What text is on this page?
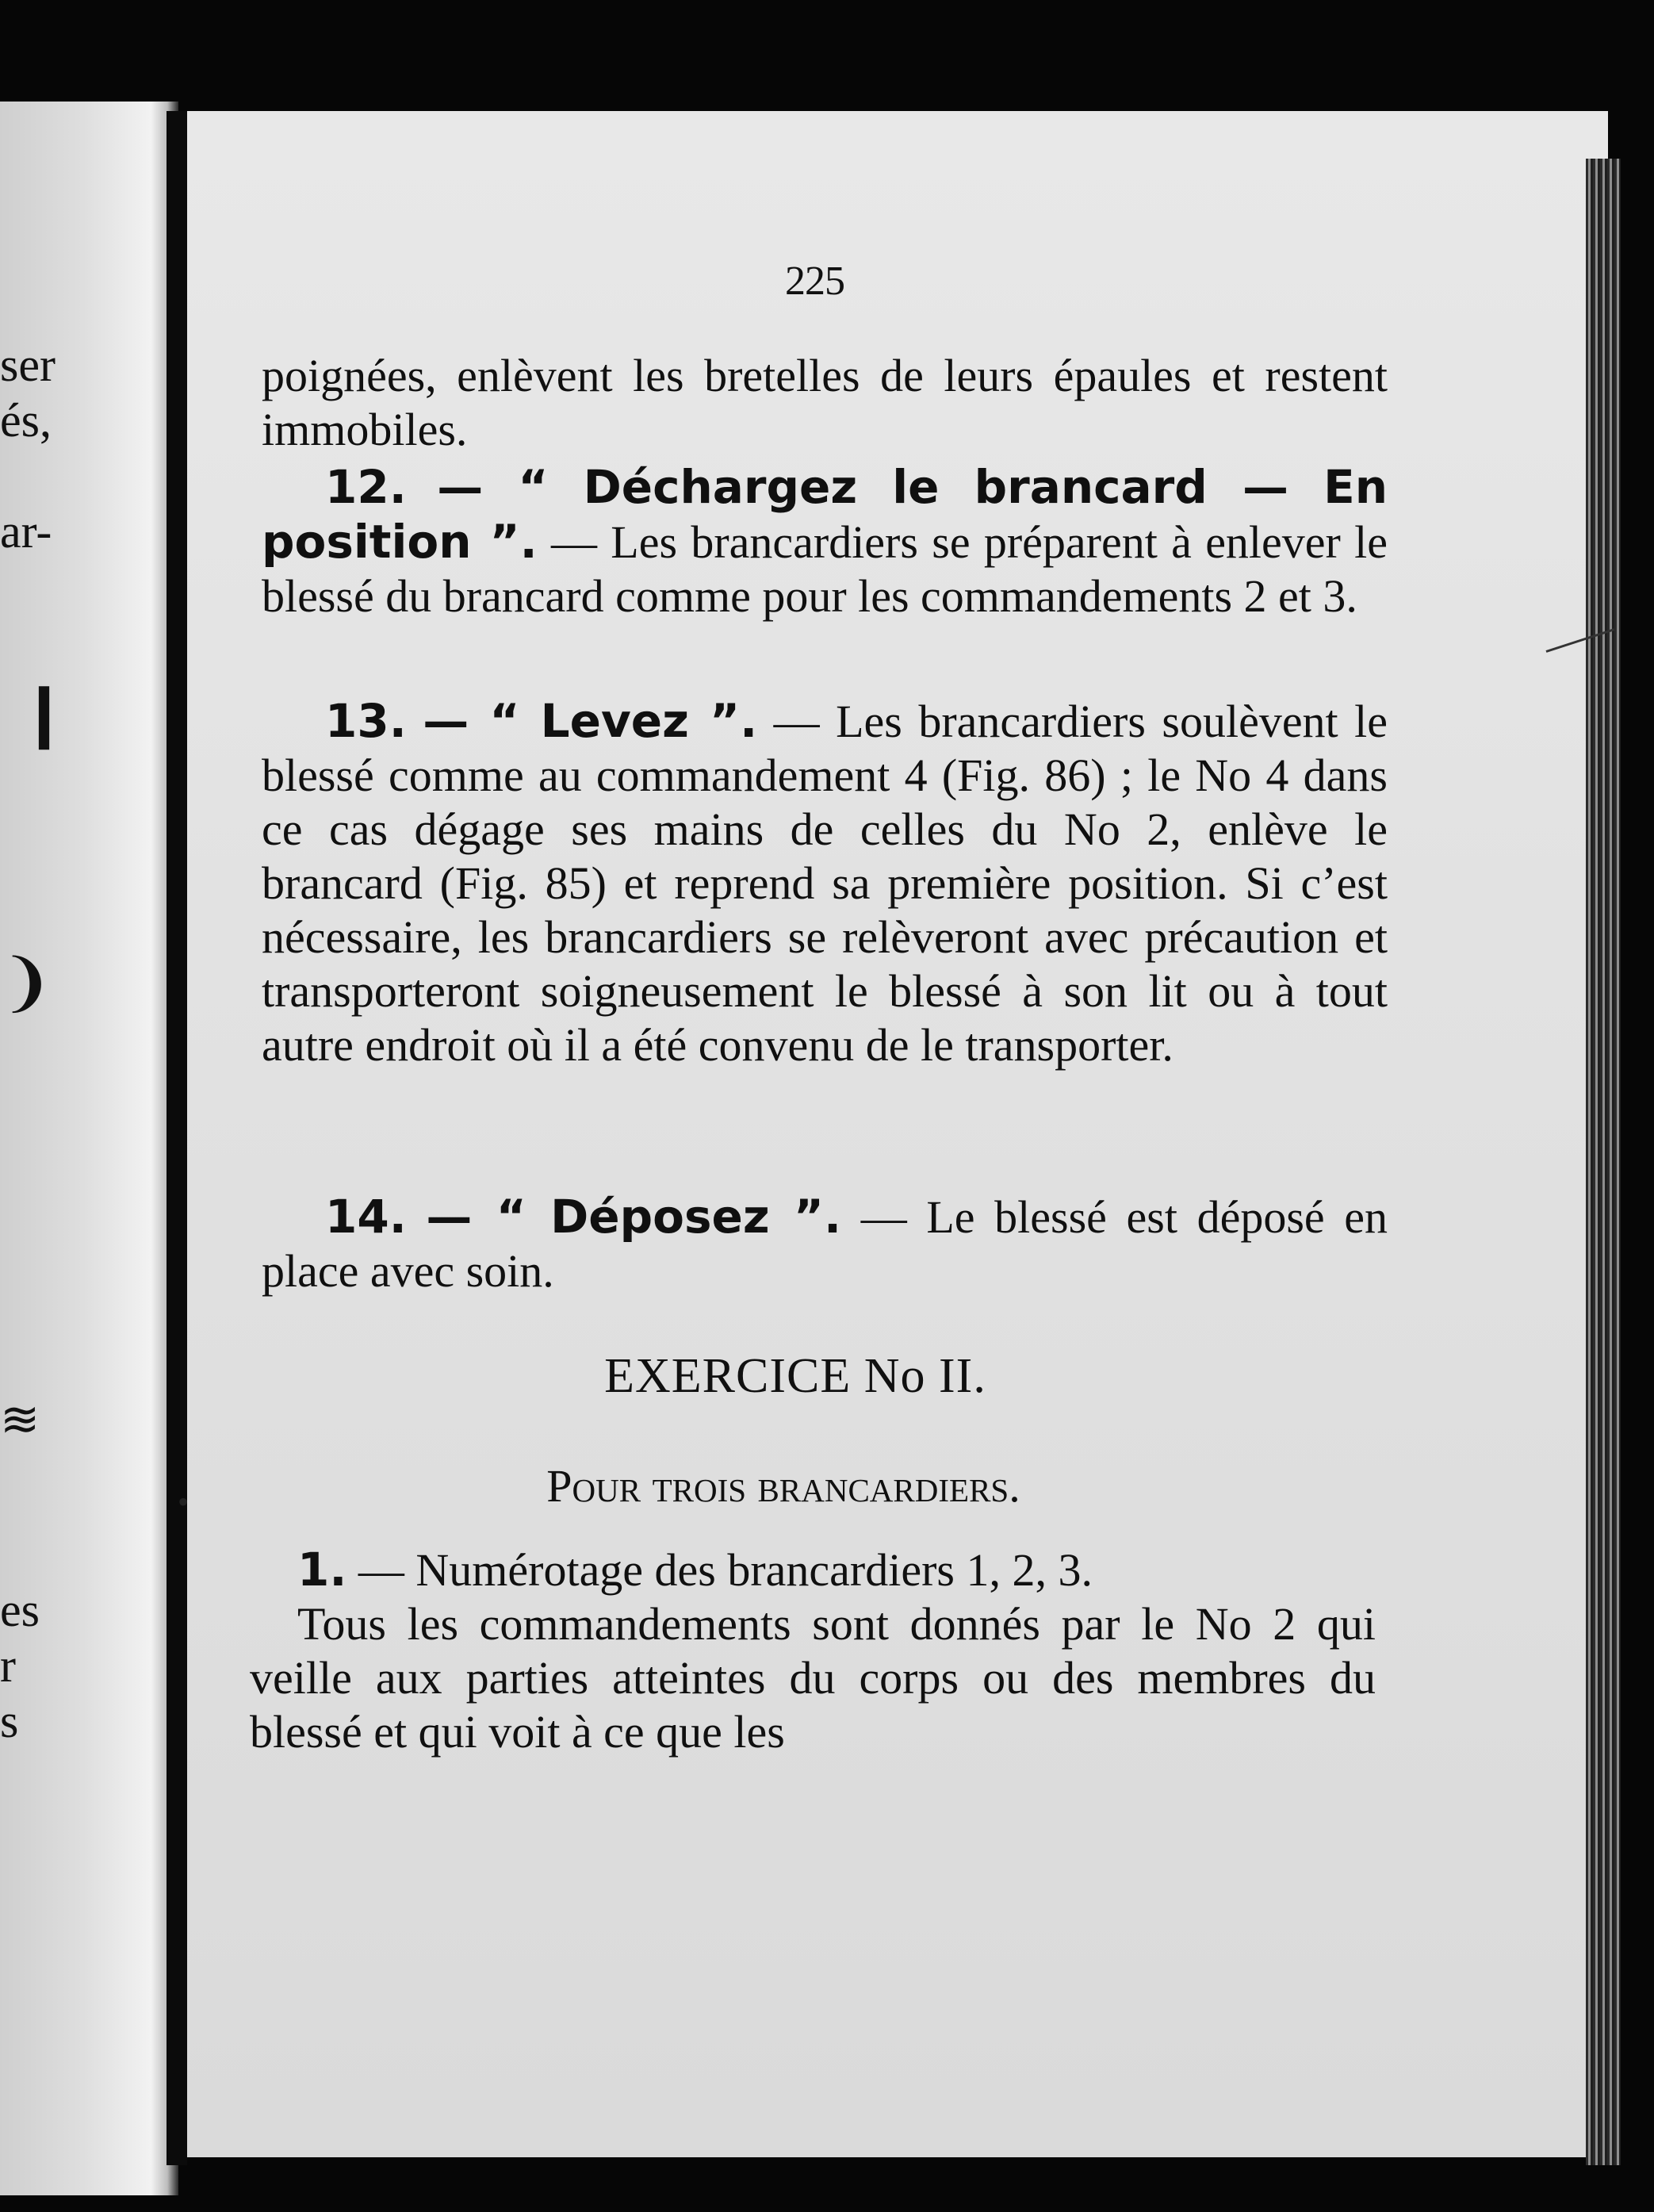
ser
és,
ar-
❙
❩
≋
es
r
s
225
poignées, enlèvent les bretelles de leurs épaules et restent immobiles.
12. — “ Déchargez le brancard — En position ”. — Les brancardiers se préparent à enlever le blessé du brancard comme pour les commandements 2 et 3.
13. — “ Levez ”. — Les brancardiers soulèvent le blessé comme au commandement 4 (Fig. 86) ; le No 4 dans ce cas dégage ses mains de celles du No 2, enlève le brancard (Fig. 85) et reprend sa première position. Si c’est nécessaire, les brancardiers se relèveront avec précaution et transporteront soigneusement le blessé à son lit ou à tout autre endroit où il a été convenu de le transporter.
14. — “ Déposez ”. — Le blessé est déposé en place avec soin.
EXERCICE No II.
Pour trois brancardiers.
•
1. — Numérotage des brancardiers 1, 2, 3.
Tous les commandements sont donnés par le No 2 qui veille aux parties atteintes du corps ou des membres du blessé et qui voit à ce que les
